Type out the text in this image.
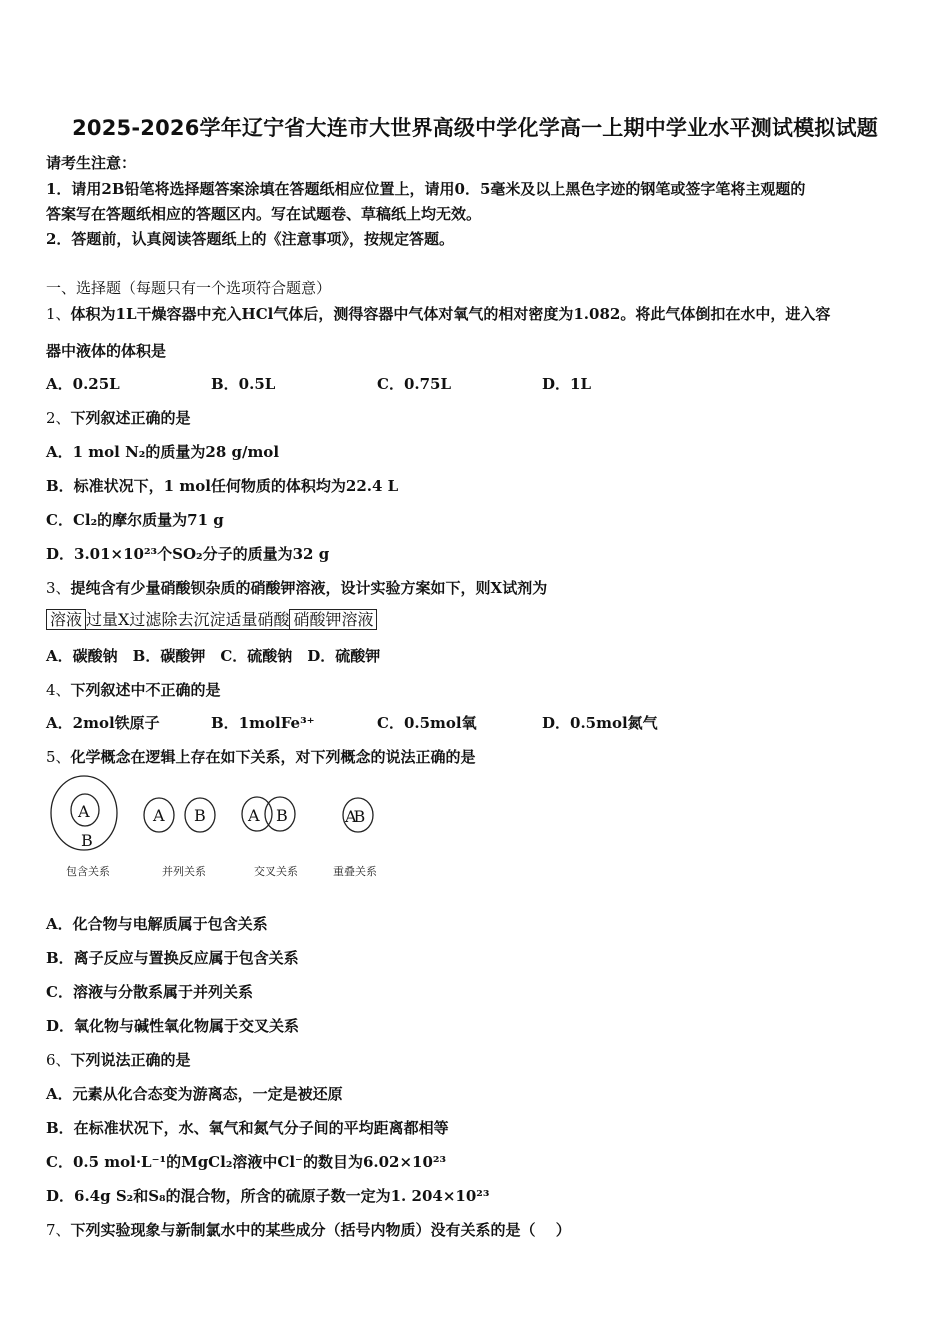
2025-2026学年辽宁省大连市大世界高级中学化学高一上期中学业水平测试模拟试题
请考生注意：
1．请用2B铅笔将选择题答案涂填在答题纸相应位置上，请用0．5毫米及以上黑色字迹的钢笔或签字笔将主观题的
答案写在答题纸相应的答题区内。写在试题卷、草稿纸上均无效。
2．答题前，认真阅读答题纸上的《注意事项》，按规定答题。
一、选择题（每题只有一个选项符合题意）
1、体积为1L干燥容器中充入HCl气体后，测得容器中气体对氧气的相对密度为1.082。将此气体倒扣在水中，进入容
器中液体的体积是
A．0.25L	B．0.5L	C．0.75L	D．1L
2、下列叙述正确的是
A．1 mol N₂的质量为28 g/mol
B．标准状况下，1 mol任何物质的体积均为22.4 L
C．Cl₂的摩尔质量为71 g
D．3.01×10²³个SO₂分子的质量为32 g
3、提纯含有少量硝酸钡杂质的硝酸钾溶液，设计实验方案如下，则X试剂为
溶液 过量X过滤除去沉淀适量硝酸 硝酸钾溶液
A．碳酸钠　B．碳酸钾　C．硫酸钠　D．硫酸钾
4、下列叙述中不正确的是
A．2mol铁原子	B．1molFe³⁺	C．0.5mol氧	D．0.5mol氮气
5、化学概念在逻辑上存在如下关系，对下列概念的说法正确的是
A
B
A B	A B	AB
包含关系	并列关系	交叉关系	重叠关系
A．化合物与电解质属于包含关系
B．离子反应与置换反应属于包含关系
C．溶液与分散系属于并列关系
D．氧化物与碱性氧化物属于交叉关系
6、下列说法正确的是
A．元素从化合态变为游离态，一定是被还原
B．在标准状况下，水、氧气和氮气分子间的平均距离都相等
C．0.5 mol·L⁻¹的MgCl₂溶液中Cl⁻的数目为6.02×10²³
D．6.4g S₂和S₈的混合物，所含的硫原子数一定为1. 204×10²³
7、下列实验现象与新制氯水中的某些成分（括号内物质）没有关系的是（　 ）
